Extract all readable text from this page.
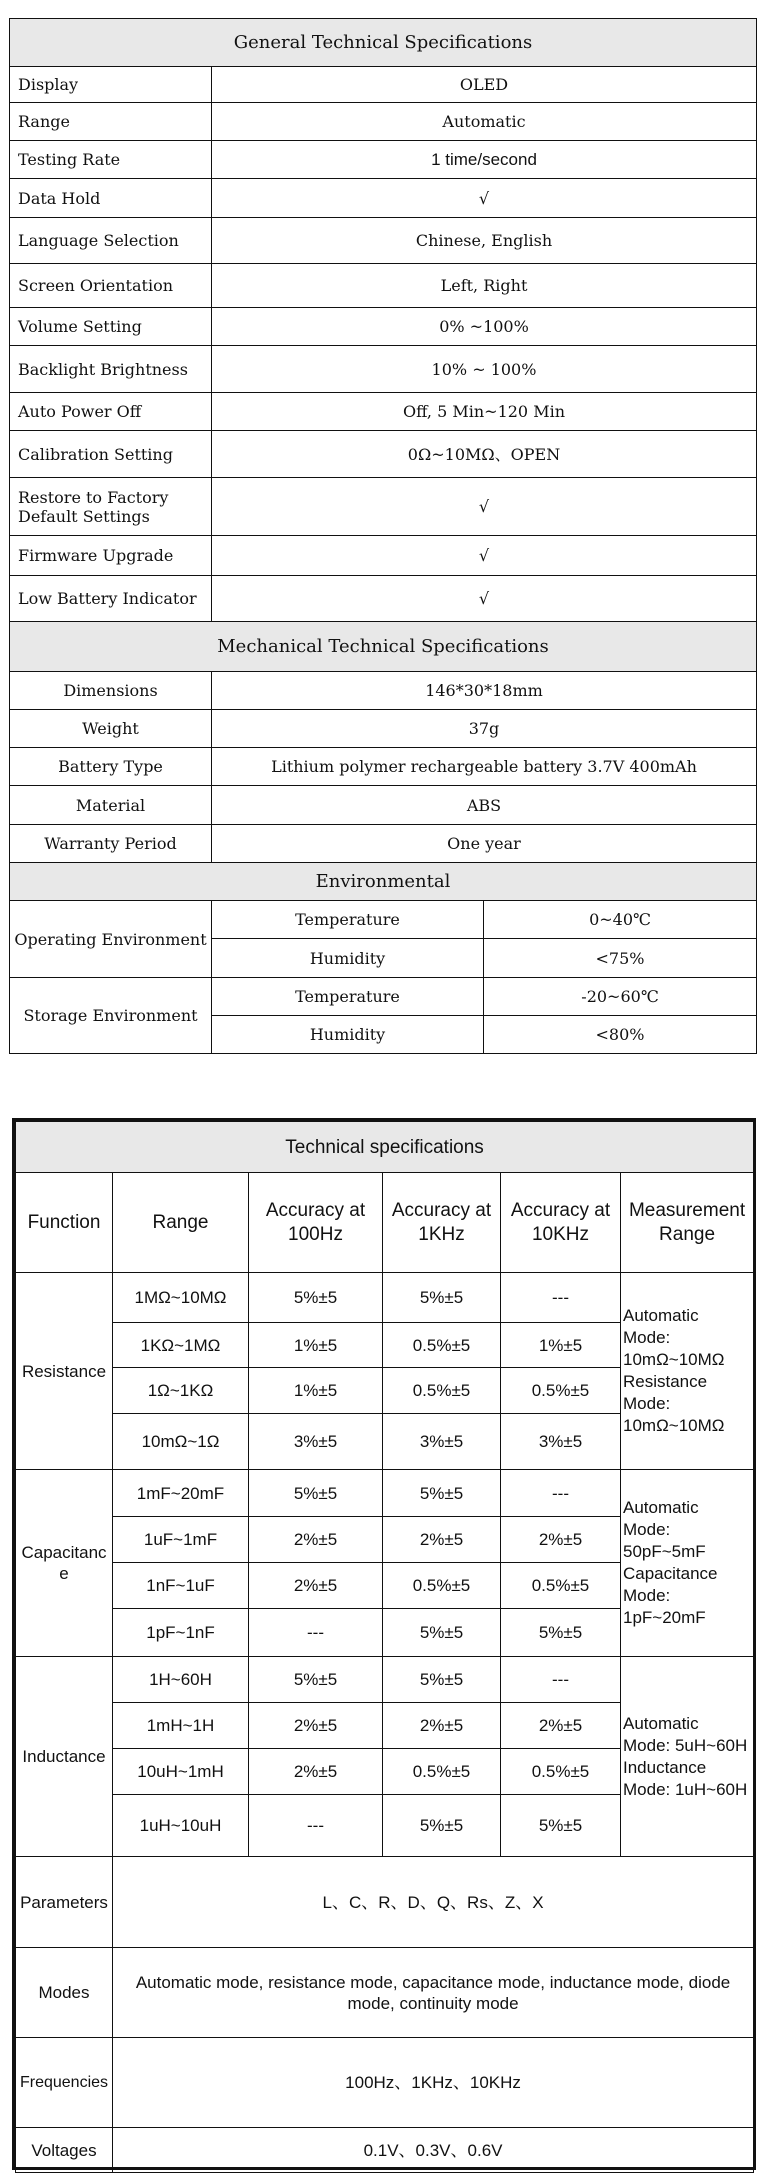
General Technical Specifications		
Display	OLED	
Range	Automatic	
Testing Rate	1 time/second	
Data Hold	√	
Language Selection	Chinese, English	
Screen Orientation	Left, Right	
Volume Setting	0% ~100%	
Backlight Brightness	10% ~ 100%	
Auto Power Off	Off, 5 Min~120 Min	
Calibration Setting	0Ω~10MΩ、OPEN	
Restore to Factory Default Settings	√	
Firmware Upgrade	√	
Low Battery Indicator	√	
Mechanical Technical Specifications		
Dimensions	146*30*18mm	
Weight	37g	
Battery Type	Lithium polymer rechargeable battery 3.7V 400mAh	
Material	ABS	
Warranty Period	One year	
Environmental		
Operating Environment	Temperature	0~40℃
	Humidity	<75%
Storage Environment	Temperature	-20~60℃
	Humidity	<80%
Technical specifications					
Function	Range	Accuracy at 100Hz	Accuracy at 1KHz	Accuracy at 10KHz	Measurement Range
Resistance	1MΩ~10MΩ	5%±5	5%±5	---	Automatic Mode: 10mΩ~10MΩ Resistance Mode: 10mΩ~10MΩ
	1KΩ~1MΩ	1%±5	0.5%±5	1%±5	
	1Ω~1KΩ	1%±5	0.5%±5	0.5%±5	
	10mΩ~1Ω	3%±5	3%±5	3%±5	
Capacitance	1mF~20mF	5%±5	5%±5	---	Automatic Mode: 50pF~5mF Capacitance Mode: 1pF~20mF
	1uF~1mF	2%±5	2%±5	2%±5	
	1nF~1uF	2%±5	0.5%±5	0.5%±5	
	1pF~1nF	---	5%±5	5%±5	
Inductance	1H~60H	5%±5	5%±5	---	Automatic Mode: 5uH~60H Inductance Mode: 1uH~60H
	1mH~1H	2%±5	2%±5	2%±5	
	10uH~1mH	2%±5	0.5%±5	0.5%±5	
	1uH~10uH	---	5%±5	5%±5	
Parameters	L、C、R、D、Q、Rs、Z、X				
Modes	Automatic mode, resistance mode, capacitance mode, inductance mode, diode mode, continuity mode				
Frequencies	100Hz、1KHz、10KHz				
Voltages	0.1V、0.3V、0.6V				
